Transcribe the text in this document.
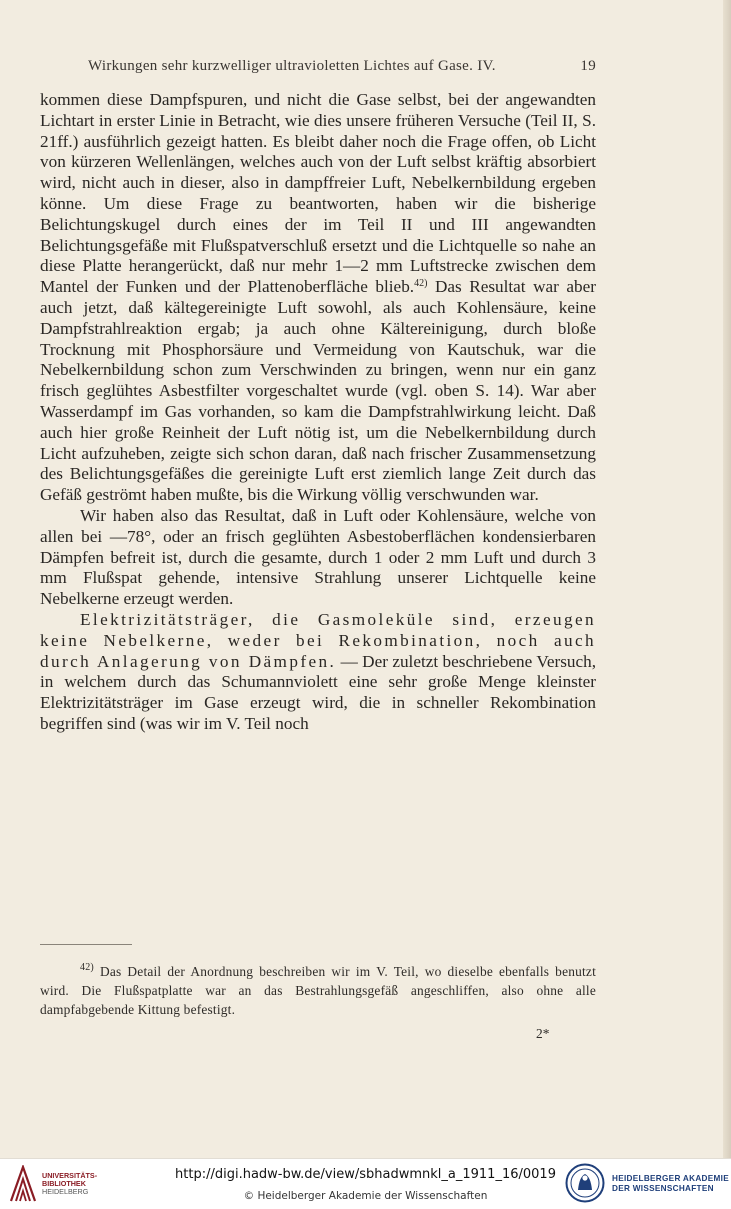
Wirkungen sehr kurzwelliger ultravioletten Lichtes auf Gase. IV.	19

kommen diese Dampfspuren, und nicht die Gase selbst, bei der angewandten Lichtart in erster Linie in Betracht, wie dies unsere früheren Versuche (Teil II, S. 21ff.) ausführlich gezeigt hatten. Es bleibt daher noch die Frage offen, ob Licht von kürzeren Wellenlängen, welches auch von der Luft selbst kräftig absorbiert wird, nicht auch in dieser, also in dampffreier Luft, Nebelkernbildung ergeben könne. Um diese Frage zu beantworten, haben wir die bisherige Belichtungskugel durch eines der im Teil II und III angewandten Belichtungsgefäße mit Flußspatverschluß ersetzt und die Lichtquelle so nahe an diese Platte herangerückt, daß nur mehr 1—2 mm Luftstrecke zwischen dem Mantel der Funken und der Plattenoberfläche blieb.$^{42)}$ Das Resultat war aber auch jetzt, daß kältegereinigte Luft sowohl, als auch Kohlensäure, keine Dampfstrahlreaktion ergab; ja auch ohne Kältereinigung, durch bloße Trocknung mit Phosphorsäure und Vermeidung von Kautschuk, war die Nebelkernbildung schon zum Verschwinden zu bringen, wenn nur ein ganz frisch geglühtes Asbestfilter vorgeschaltet wurde (vgl. oben S. 14). War aber Wasserdampf im Gas vorhanden, so kam die Dampfstrahlwirkung leicht. Daß auch hier große Reinheit der Luft nötig ist, um die Nebelkernbildung durch Licht aufzuheben, zeigte sich schon daran, daß nach frischer Zusammensetzung des Belichtungsgefäßes die gereinigte Luft erst ziemlich lange Zeit durch das Gefäß geströmt haben mußte, bis die Wirkung völlig verschwunden war.

Wir haben also das Resultat, daß in Luft oder Kohlensäure, welche von allen bei —78°, oder an frisch geglühten Asbestoberflächen kondensierbaren Dämpfen befreit ist, durch die gesamte, durch 1 oder 2 mm Luft und durch 3 mm Flußspat gehende, intensive Strahlung unserer Lichtquelle keine Nebelkerne erzeugt werden.

Elektrizitätsträger, die Gasmoleküle sind, erzeugen keine Nebelkerne, weder bei Rekombination, noch auch durch Anlagerung von Dämpfen. — Der zuletzt beschriebene Versuch, in welchem durch das Schumannviolett eine sehr große Menge kleinster Elektrizitätsträger im Gase erzeugt wird, die in schneller Rekombination begriffen sind (was wir im V. Teil noch

$^{42)}$ Das Detail der Anordnung beschreiben wir im V. Teil, wo dieselbe ebenfalls benutzt wird. Die Flußspatplatte war an das Bestrahlungsgefäß angeschliffen, also ohne alle dampfabgebende Kittung befestigt.

2*
UNIVERSITÄTS-
BIBLIOTHEK
HEIDELBERG
http://digi.hadw-bw.de/view/sbhadwmnkl_a_1911_16/0019
© Heidelberger Akademie der Wissenschaften
HEIDELBERGER AKADEMIE
DER WISSENSCHAFTEN
